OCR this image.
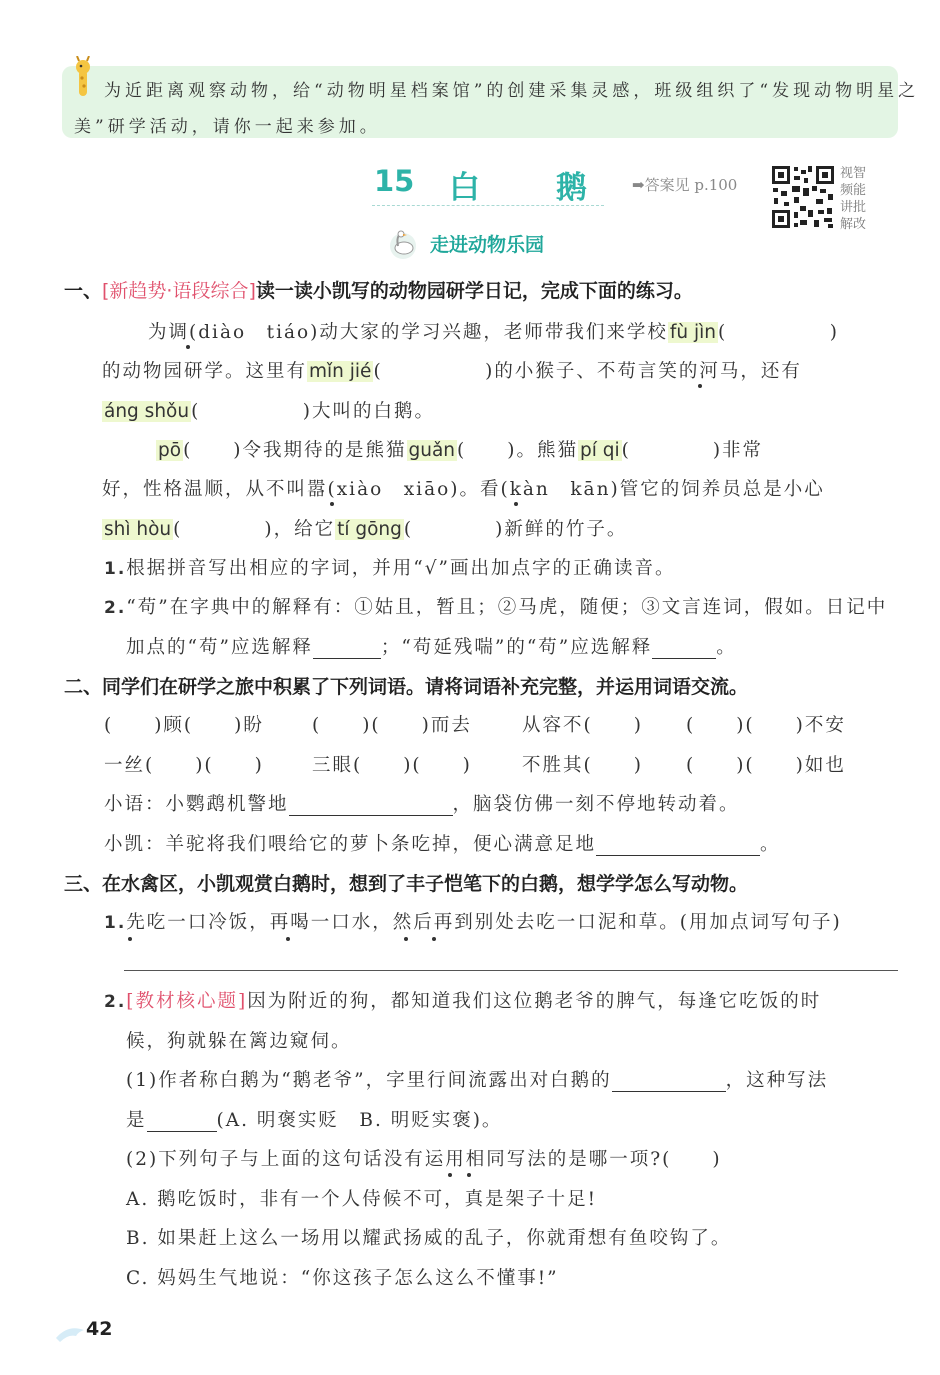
为近距离观察动物，给“动物明星档案馆”的创建采集灵感，班级组织了“发现动物明星之
美”研学活动，请你一起来参加。
15 白 鹅	➡答案见 p.100
视智
频能
讲批
解改
走进动物乐园
一、[新趋势·语段综合]读一读小凯写的动物园研学日记，完成下面的练习。
为调(diào　tiáo)动大家的学习兴趣，老师带我们来学校 fù jìn (　　　　　)
的动物园研学。这里有 mǐn jié (　　　　　)的小猴子、不苟言笑的河马，还有
áng shǒu (　　　　　)大叫的白鹅。
pō (　　)令我期待的是熊猫 guǎn (　　)。熊猫 pí qi (　　　　)非常
好，性格温顺，从不叫嚣(xiào　xiāo)。看(kàn　kān)管它的饲养员总是小心
shì hòu (　　　　)，给它 tí gōng (　　　　)新鲜的竹子。
1.根据拼音写出相应的字词，并用“√”画出加点字的正确读音。
2.“苟”在字典中的解释有：①姑且，暂且；②马虎，随便；③文言连词，假如。日记中
加点的“苟”应选解释	；“苟延残喘”的“苟”应选解释	。
二、同学们在研学之旅中积累了下列词语。请将词语补充完整，并运用词语交流。
(　　)顾(　　)盼	(　　)(　　)而去	从容不(　　) (　　)(　　)不安
一丝(　　)(　　)	三眼(　　)(　　)	不胜其(　　) (　　)(　　)如也
小语：小鹦鹉机警地	，脑袋仿佛一刻不停地转动着。
小凯：羊驼将我们喂给它的萝卜条吃掉，便心满意足地	。
三、在水禽区，小凯观赏白鹅时，想到了丰子恺笔下的白鹅，想学学怎么写动物。
1.先吃一口冷饭，再喝一口水，然后再到别处去吃一口泥和草。(用加点词写句子)
2.[教材核心题]因为附近的狗，都知道我们这位鹅老爷的脾气，每逢它吃饭的时
候，狗就躲在篱边窥伺。
(1)作者称白鹅为“鹅老爷”，字里行间流露出对白鹅的	，这种写法
是	(A. 明褒实贬　B. 明贬实褒)。
(2)下列句子与上面的这句话没有运用相同写法的是哪一项?(　　)
A. 鹅吃饭时，非有一个人侍候不可，真是架子十足!
B. 如果赶上这么一场用以耀武扬威的乱子，你就甭想有鱼咬钩了。
C. 妈妈生气地说：“你这孩子怎么这么不懂事!”
42
